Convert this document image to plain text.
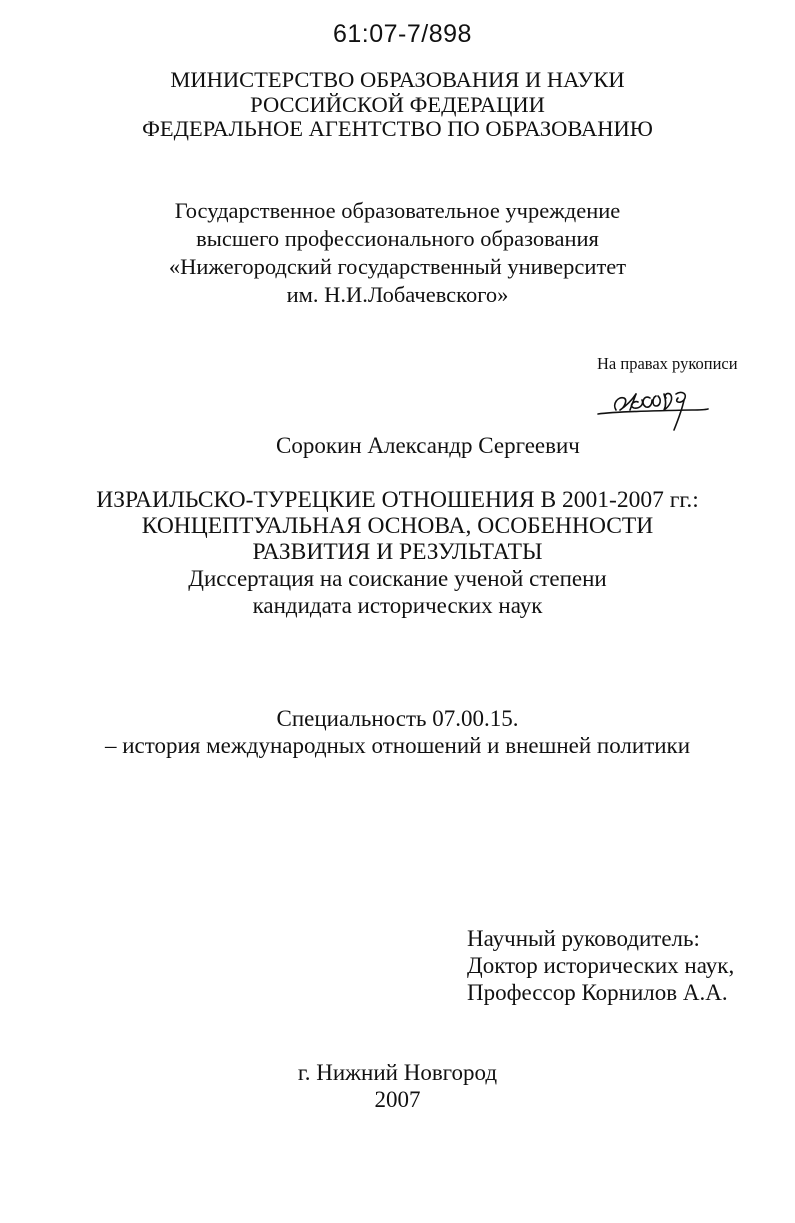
61:07-7/898
МИНИСТЕРСТВО ОБРАЗОВАНИЯ И НАУКИ
РОССИЙСКОЙ ФЕДЕРАЦИИ
ФЕДЕРАЛЬНОЕ АГЕНТСТВО ПО ОБРАЗОВАНИЮ
Государственное образовательное учреждение
высшего профессионального образования
«Нижегородский государственный университет
им. Н.И.Лобачевского»
На правах рукописи
Сорокин Александр Сергеевич
ИЗРАИЛЬСКО-ТУРЕЦКИЕ ОТНОШЕНИЯ В 2001-2007 гг.:
КОНЦЕПТУАЛЬНАЯ ОСНОВА, ОСОБЕННОСТИ
РАЗВИТИЯ И РЕЗУЛЬТАТЫ
Диссертация на соискание ученой степени
кандидата исторических наук
Специальность 07.00.15.
– история международных отношений и внешней политики
Научный руководитель:
Доктор исторических наук,
Профессор Корнилов А.А.
г. Нижний Новгород
2007
